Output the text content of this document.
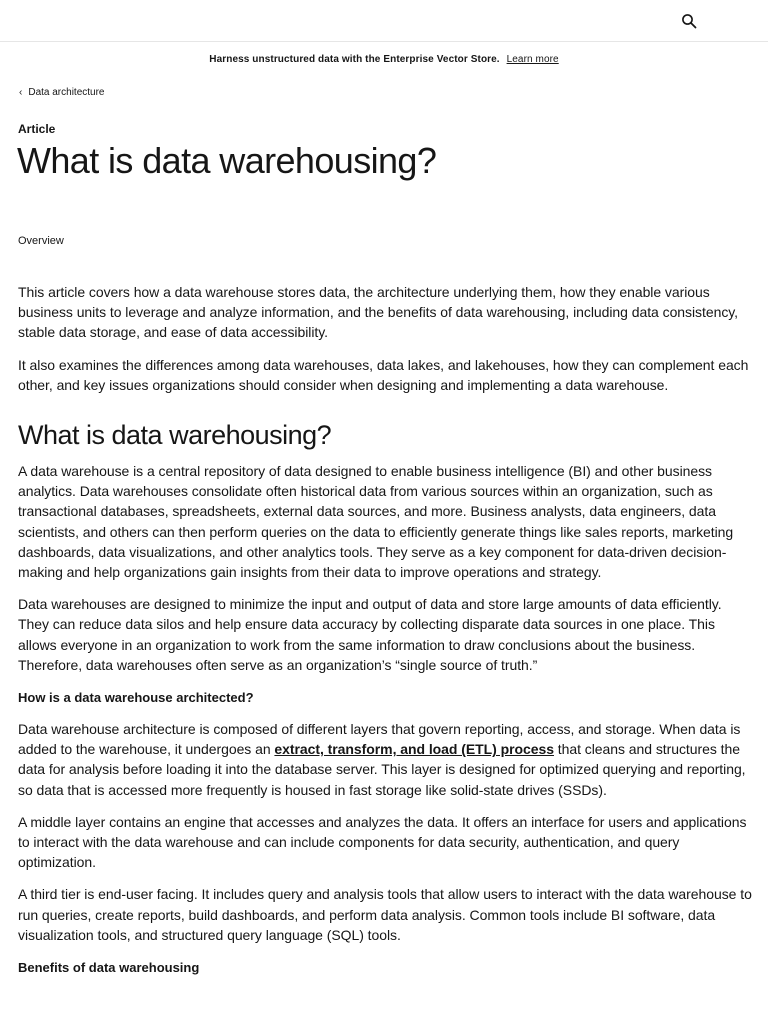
Harness unstructured data with the Enterprise Vector Store. Learn more
‹ Data architecture
Article
What is data warehousing?
Overview

This article covers how a data warehouse stores data, the architecture underlying them, how they enable various business units to leverage and analyze information, and the benefits of data warehousing, including data consistency, stable data storage, and ease of data accessibility.

It also examines the differences among data warehouses, data lakes, and lakehouses, how they can complement each other, and key issues organizations should consider when designing and implementing a data warehouse.

What is data warehousing?

A data warehouse is a central repository of data designed to enable business intelligence (BI) and other business analytics. Data warehouses consolidate often historical data from various sources within an organization, such as transactional databases, spreadsheets, external data sources, and more. Business analysts, data engineers, data scientists, and others can then perform queries on the data to efficiently generate things like sales reports, marketing dashboards, data visualizations, and other analytics tools. They serve as a key component for data-driven decision-making and help organizations gain insights from their data to improve operations and strategy.

Data warehouses are designed to minimize the input and output of data and store large amounts of data efficiently. They can reduce data silos and help ensure data accuracy by collecting disparate data sources in one place. This allows everyone in an organization to work from the same information to draw conclusions about the business. Therefore, data warehouses often serve as an organization’s “single source of truth.”

How is a data warehouse architected?

Data warehouse architecture is composed of different layers that govern reporting, access, and storage. When data is added to the warehouse, it undergoes an extract, transform, and load (ETL) process that cleans and structures the data for analysis before loading it into the database server. This layer is designed for optimized querying and reporting, so data that is accessed more frequently is housed in fast storage like solid-state drives (SSDs).

A middle layer contains an engine that accesses and analyzes the data. It offers an interface for users and applications to interact with the data warehouse and can include components for data security, authentication, and query optimization.

A third tier is end-user facing. It includes query and analysis tools that allow users to interact with the data warehouse to run queries, create reports, build dashboards, and perform data analysis. Common tools include BI software, data visualization tools, and structured query language (SQL) tools.

Benefits of data warehousing
